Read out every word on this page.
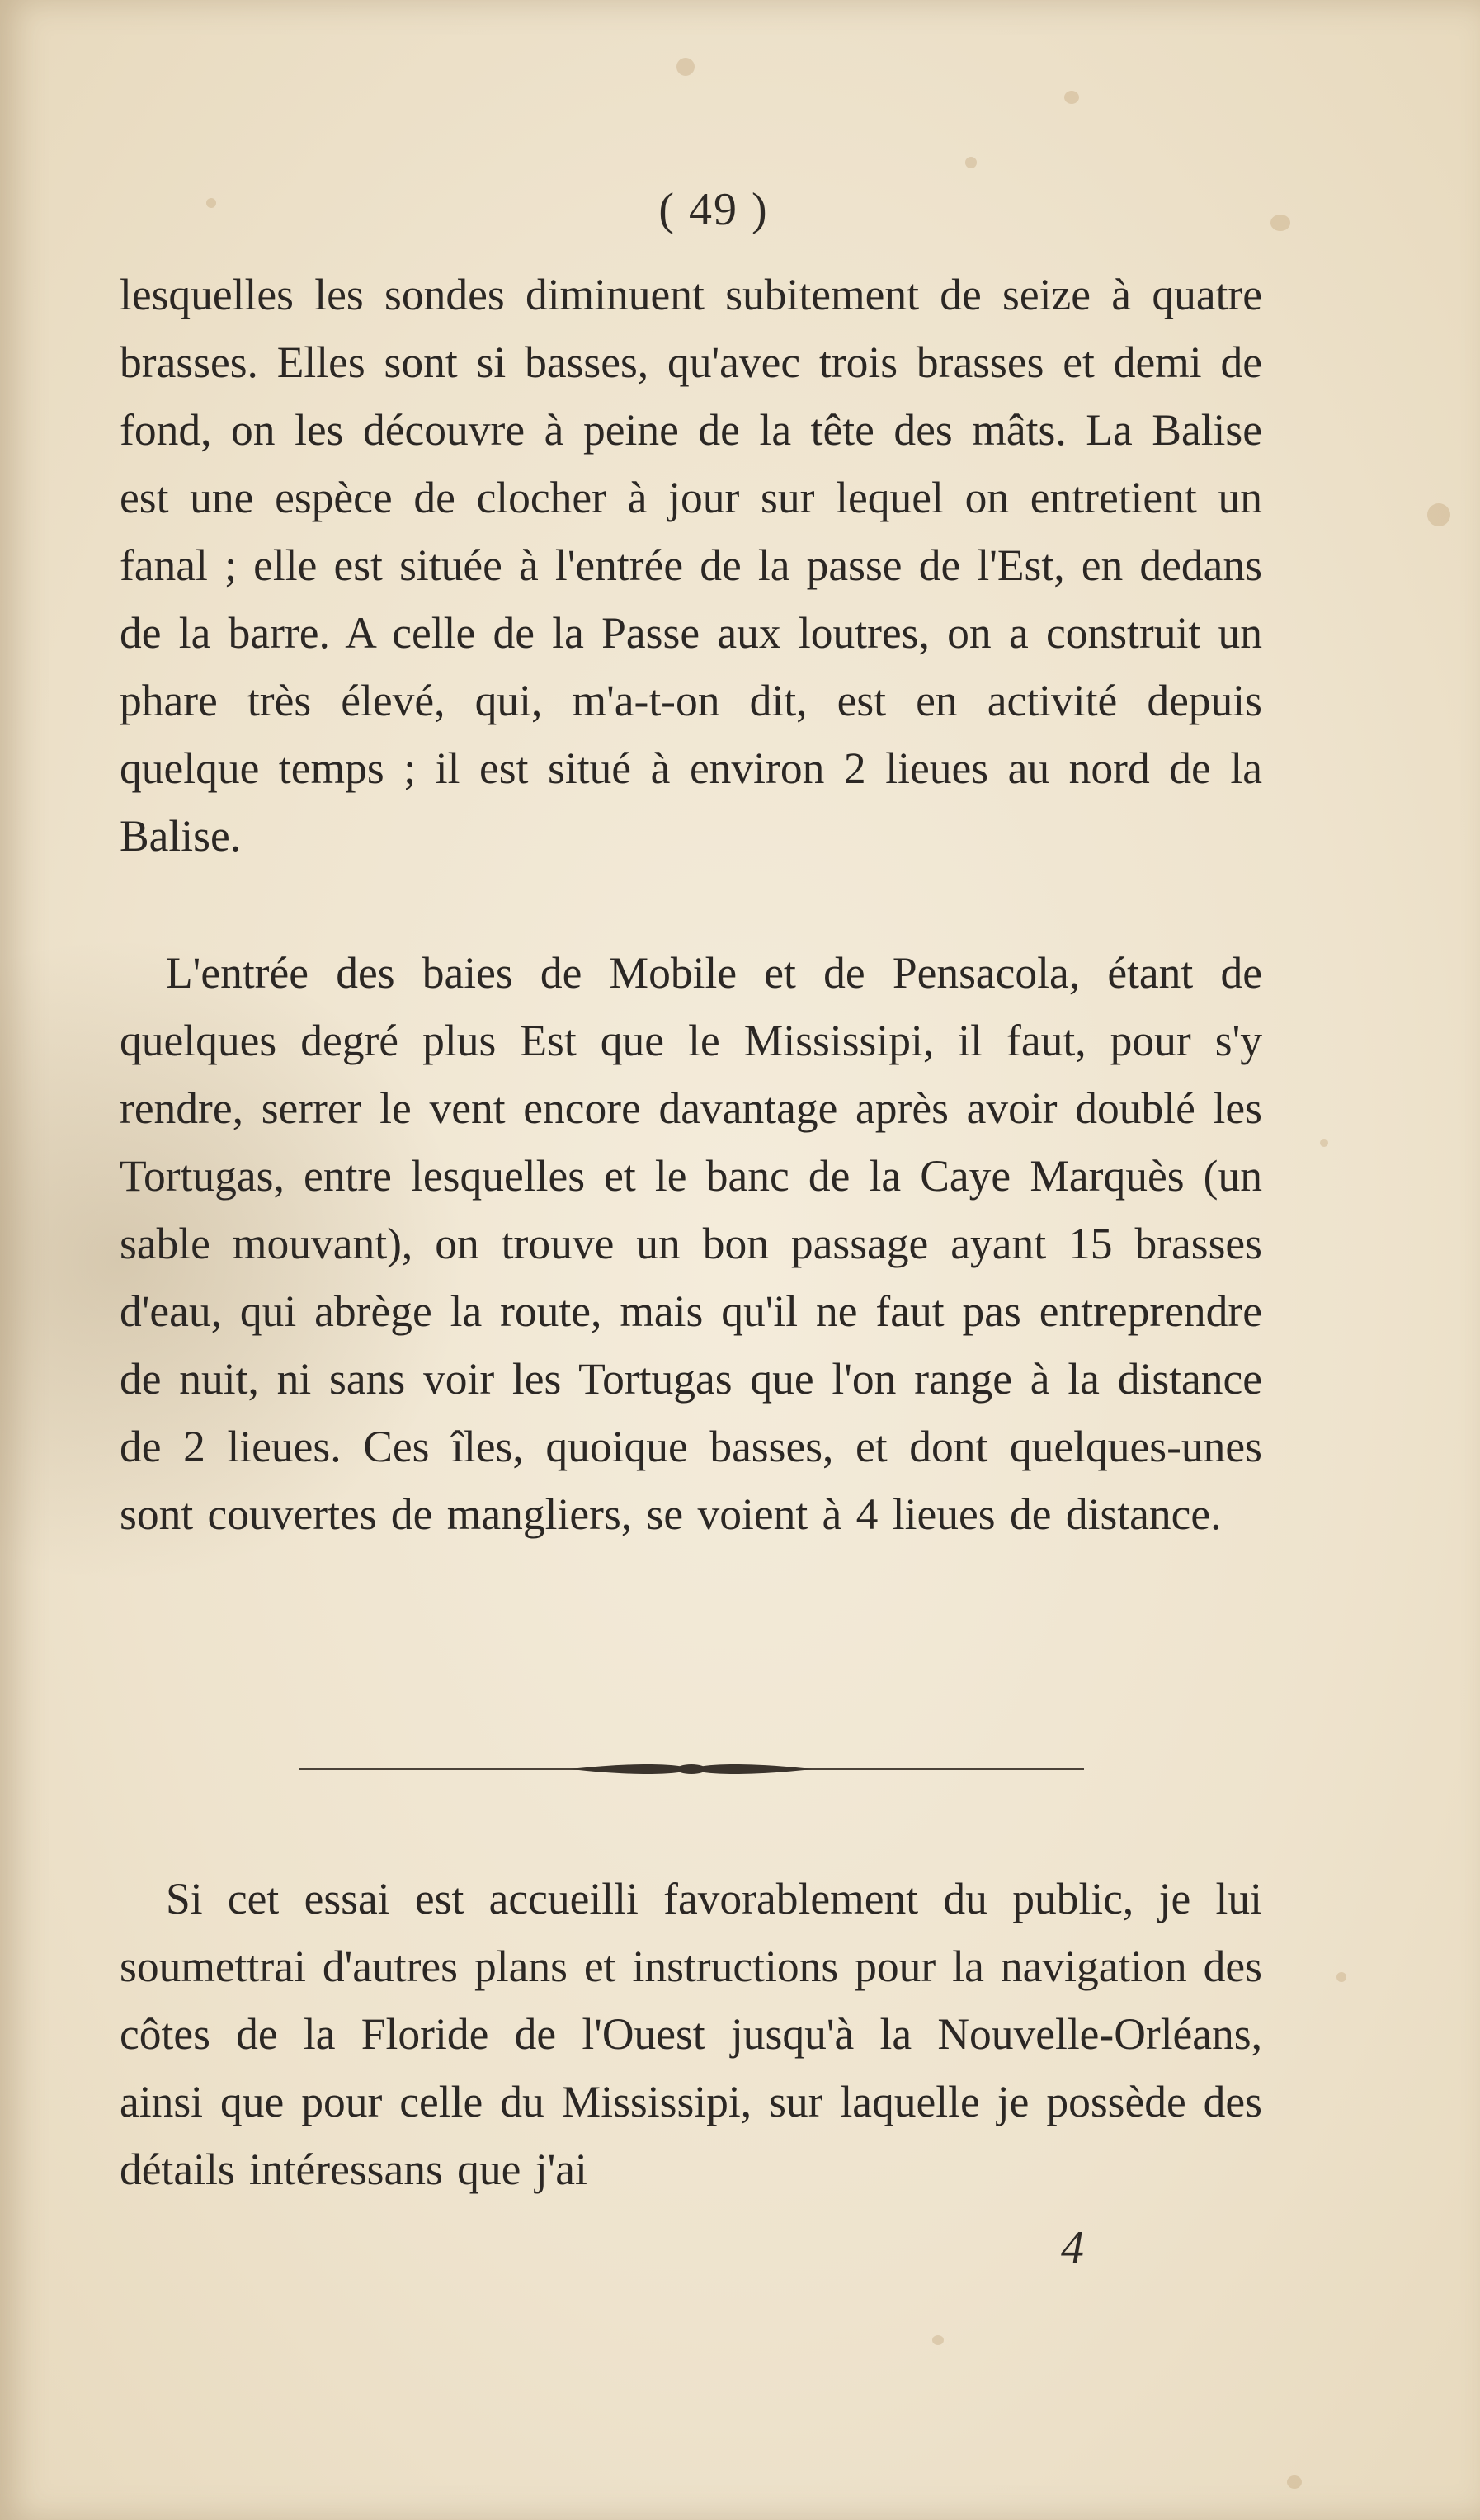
( 49 )

lesquelles les sondes diminuent subitement de seize à quatre brasses. Elles sont si basses, qu'avec trois brasses et demi de fond, on les découvre à peine de la tête des mâts. La Balise est une espèce de clocher à jour sur lequel on entretient un fanal ; elle est située à l'entrée de la passe de l'Est, en dedans de la barre. A celle de la Passe aux loutres, on a construit un phare très élevé, qui, m'a-t-on dit, est en activité depuis quelque temps ; il est situé à environ 2 lieues au nord de la Balise.

L'entrée des baies de Mobile et de Pensacola, étant de quelques degré plus Est que le Mississipi, il faut, pour s'y rendre, serrer le vent encore davantage après avoir doublé les Tortugas, entre lesquelles et le banc de la Caye Marquès (un sable mouvant), on trouve un bon passage ayant 15 brasses d'eau, qui abrège la route, mais qu'il ne faut pas entreprendre de nuit, ni sans voir les Tortugas que l'on range à la distance de 2 lieues. Ces îles, quoique basses, et dont quelques-unes sont couvertes de mangliers, se voient à 4 lieues de distance.

Si cet essai est accueilli favorablement du public, je lui soumettrai d'autres plans et instructions pour la navigation des côtes de la Floride de l'Ouest jusqu'à la Nouvelle-Orléans, ainsi que pour celle du Mississipi, sur laquelle je possède des détails intéressans que j'ai

4
